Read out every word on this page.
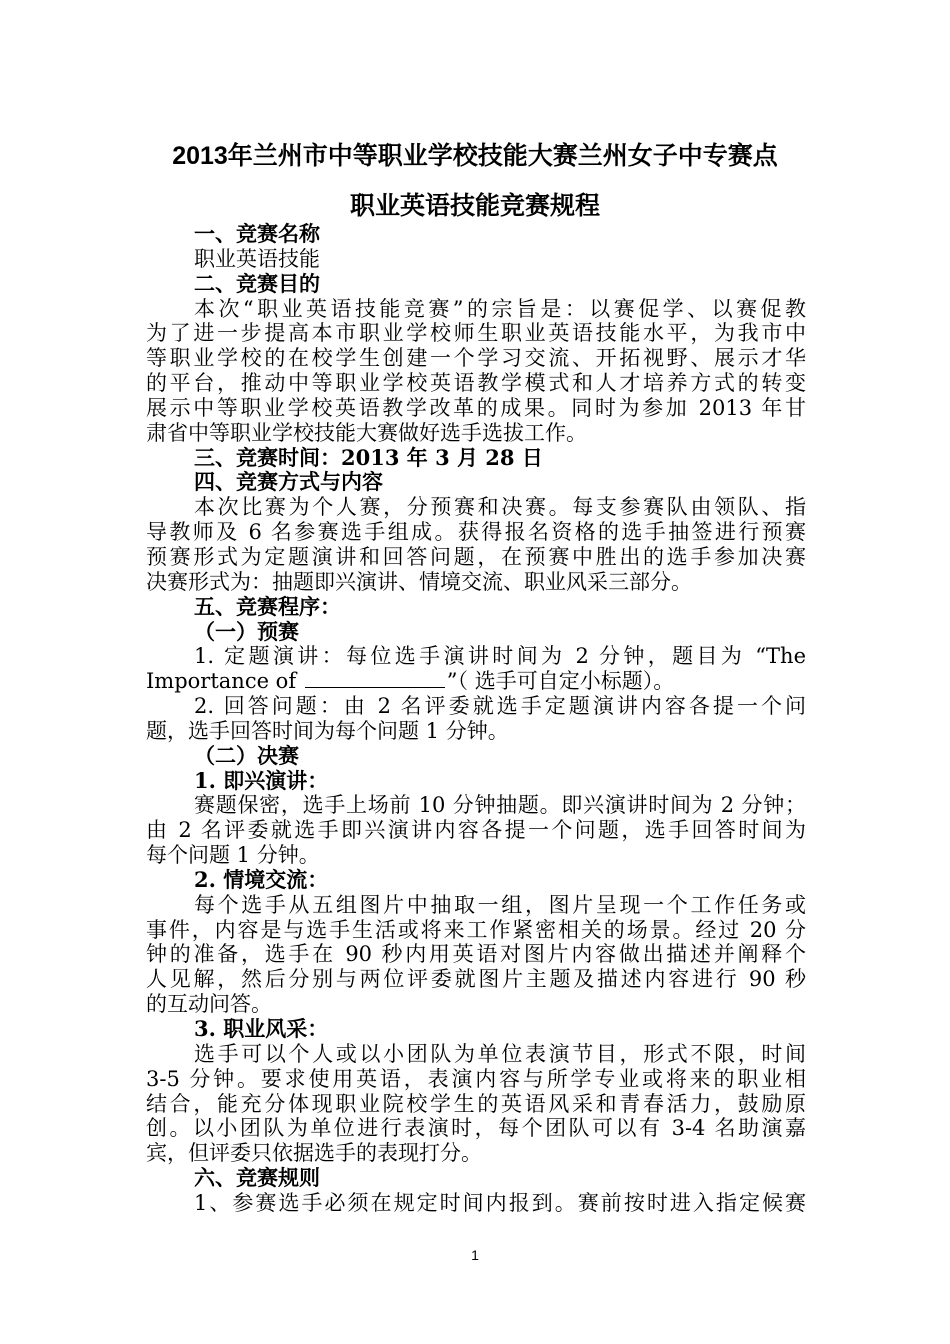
2013年兰州市中等职业学校技能大赛兰州女子中专赛点
职业英语技能竞赛规程
一、竞赛名称
职业英语技能
二、竞赛目的
本次“职业英语技能竞赛”的宗旨是：以赛促学、以赛促教
为了进一步提高本市职业学校师生职业英语技能水平，为我市中
等职业学校的在校学生创建一个学习交流、开拓视野、展示才华
的平台，推动中等职业学校英语教学模式和人才培养方式的转变
展示中等职业学校英语教学改革的成果。同时为参加 2013 年甘
肃省中等职业学校技能大赛做好选手选拔工作。
三、竞赛时间：2013 年 3 月 28 日
四、竞赛方式与内容
本次比赛为个人赛，分预赛和决赛。每支参赛队由领队、指
导教师及 6 名参赛选手组成。获得报名资格的选手抽签进行预赛
预赛形式为定题演讲和回答问题，在预赛中胜出的选手参加决赛
决赛形式为：抽题即兴演讲、情境交流、职业风采三部分。
五、竞赛程序：
（一）预赛
1. 定题演讲：每位选手演讲时间为 2 分钟，题目为 “The
Importance of	”（ 选手可自定小标题）。
2. 回答问题：由 2 名评委就选手定题演讲内容各提一个问
题，选手回答时间为每个问题 1 分钟。
（二）决赛
1. 即兴演讲：
赛题保密，选手上场前 10 分钟抽题。即兴演讲时间为 2 分钟；
由 2 名评委就选手即兴演讲内容各提一个问题，选手回答时间为
每个问题 1 分钟。
2. 情境交流：
每个选手从五组图片中抽取一组，图片呈现一个工作任务或
事件，内容是与选手生活或将来工作紧密相关的场景。经过 20 分
钟的准备，选手在 90 秒内用英语对图片内容做出描述并阐释个
人见解，然后分别与两位评委就图片主题及描述内容进行 90 秒
的互动问答。
3. 职业风采：
选手可以个人或以小团队为单位表演节目，形式不限，时间
3-5 分钟。要求使用英语，表演内容与所学专业或将来的职业相
结合，能充分体现职业院校学生的英语风采和青春活力，鼓励原
创。以小团队为单位进行表演时，每个团队可以有 3-4 名助演嘉
宾，但评委只依据选手的表现打分。
六、竞赛规则
1、参赛选手必须在规定时间内报到。赛前按时进入指定候赛
1
